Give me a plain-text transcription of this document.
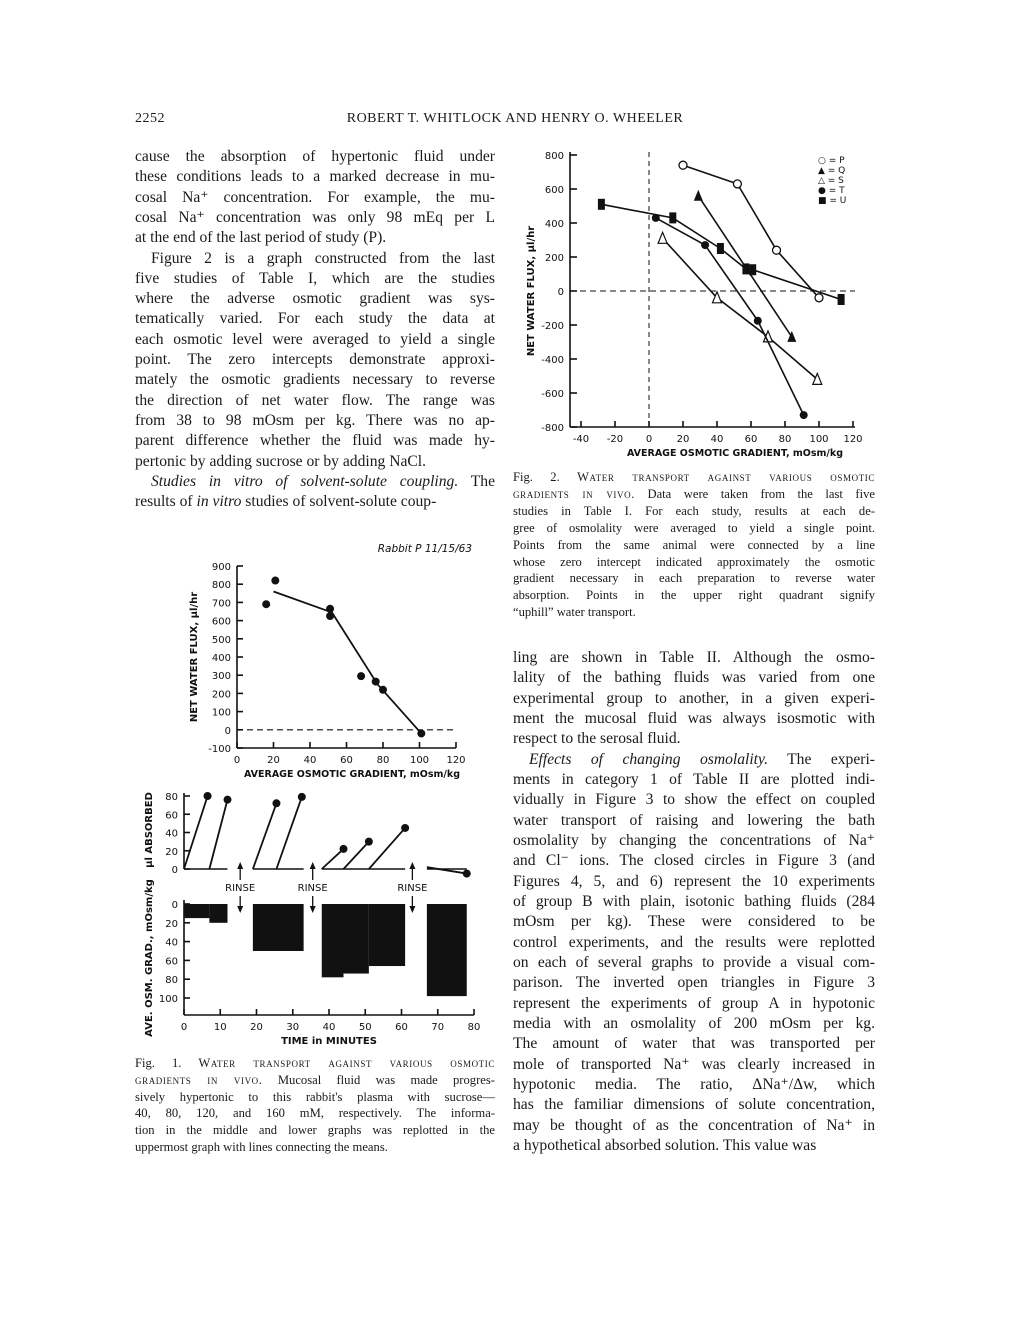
2252	ROBERT T. WHITLOCK AND HENRY O. WHEELER
cause the absorption of hypertonic fluid under
these conditions leads to a marked decrease in mu-
cosal Na⁺ concentration. For example, the mu-
cosal Na⁺ concentration was only 98 mEq per L
at the end of the last period of study (P).
Figure 2 is a graph constructed from the last
five studies of Table I, which are the studies
where the adverse osmotic gradient was sys-
tematically varied. For each study the data at
each osmotic level were averaged to yield a single
point. The zero intercepts demonstrate approxi-
mately the osmotic gradients necessary to reverse
the direction of net water flow. The range was
from 38 to 98 mOsm per kg. There was no ap-
parent difference whether the fluid was made hy-
pertonic by adding sucrose or by adding NaCl.
Studies in vitro of solvent-solute coupling. The
results of in vitro studies of solvent-solute coup-
ling are shown in Table II. Although the osmo-
lality of the bathing fluids was varied from one
experimental group to another, in a given experi-
ment the mucosal fluid was always isosmotic with
respect to the serosal fluid.
Effects of changing osmolality. The experi-
ments in category 1 of Table II are plotted indi-
vidually in Figure 3 to show the effect on coupled
water transport of raising and lowering the bath
osmolality by changing the concentrations of Na⁺
and Cl⁻ ions. The closed circles in Figure 3 (and
Figures 4, 5, and 6) represent the 10 experiments
of group B with plain, isotonic bathing fluids (284
mOsm per kg). These were considered to be
control experiments, and the results were replotted
on each of several graphs to provide a visual com-
parison. The inverted open triangles in Figure 3
represent the experiments of group A in hypotonic
media with an osmolality of 200 mOsm per kg.
The amount of water that was transported per
mole of transported Na⁺ was clearly increased in
hypotonic media. The ratio, ΔNa⁺/Δw, which
has the familiar dimensions of solute concentration,
may be thought of as the concentration of Na⁺ in
a hypothetical absorbed solution. This value was
Fig. 2. Water transport against various osmotic
gradients in vivo. Data were taken from the last five
studies in Table I. For each study, results at each de-
gree of osmolality were averaged to yield a single point.
Points from the same animal were connected by a line
whose zero intercept indicated approximately the osmotic
gradient necessary in each preparation to reverse water
absorption. Points in the upper right quadrant signify
“uphill” water transport.
Fig. 1. Water transport against various osmotic
gradients in vivo. Mucosal fluid was made progres-
sively hypertonic to this rabbit's plasma with sucrose—
40, 80, 120, and 160 mM, respectively. The informa-
tion in the middle and lower graphs was replotted in the
uppermost graph with lines connecting the means.
800
600
400
200
0
-200
-400
-600
-800
-40 -20 0 20 40 60 80 100 120
AVERAGE OSMOTIC GRADIENT, mOsm/kg
NET WATER FLUX, µl/hr
○ = P
▲ = Q
△ = S
● = T
■ = U
Rabbit P 11/15/63
900
800
700
600
500
400
300
200
100
0
-100
0	20 40 60 80 100 120
AVERAGE OSMOTIC GRADIENT, mOsm/kg
NET WATER FLUX, µl/hr
80
60
40
20
0
µl ABSORBED
RINSE	RINSE	RINSE
0
20
40
60
80
100
0	10 20 30 40 50 60 70 80
TIME in MINUTES
AVE. OSM. GRAD., mOsm/kg
